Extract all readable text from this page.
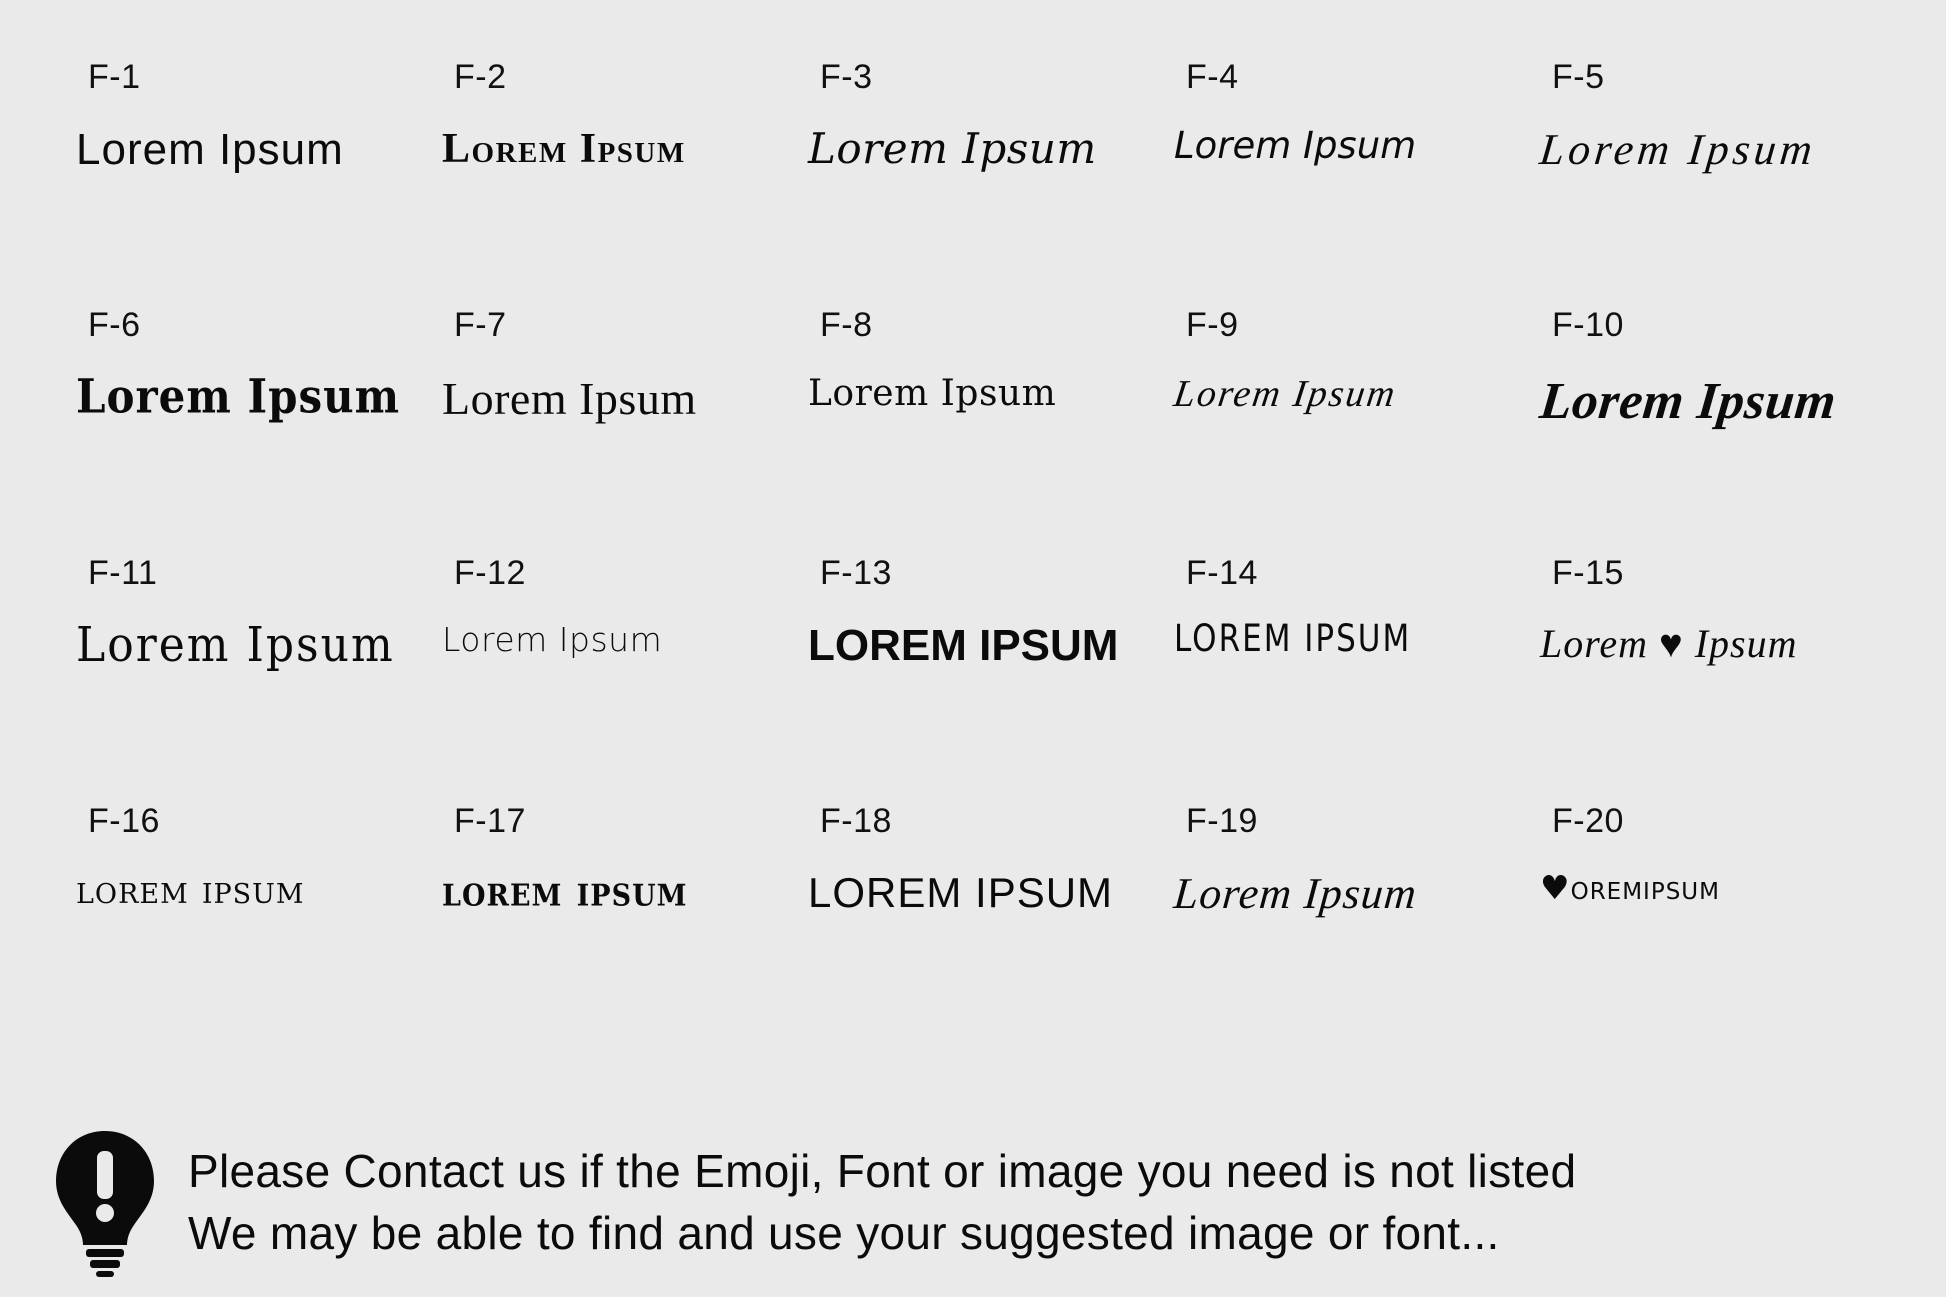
F-1
Lorem Ipsum
F-2
Lorem Ipsum
F-3
Lorem Ipsum
F-4
Lorem Ipsum
F-5
Lorem Ipsum
F-6
Lorem Ipsum
F-7
Lorem Ipsum
F-8
Lorem Ipsum
F-9
Lorem Ipsum
F-10
Lorem Ipsum
F-11
Lorem Ipsum
F-12
Lorem Ipsum
F-13
LOREM IPSUM
F-14
LOREM IPSUM
F-15
Lorem ♥ Ipsum
F-16
lorem ipsum
F-17
lorem ipsum
F-18
LOREM IPSUM
F-19
Lorem Ipsum
F-20
♥oremipsum
Please Contact us if the Emoji, Font or image you need is not listed
We may be able to find and use your suggested image or font...
